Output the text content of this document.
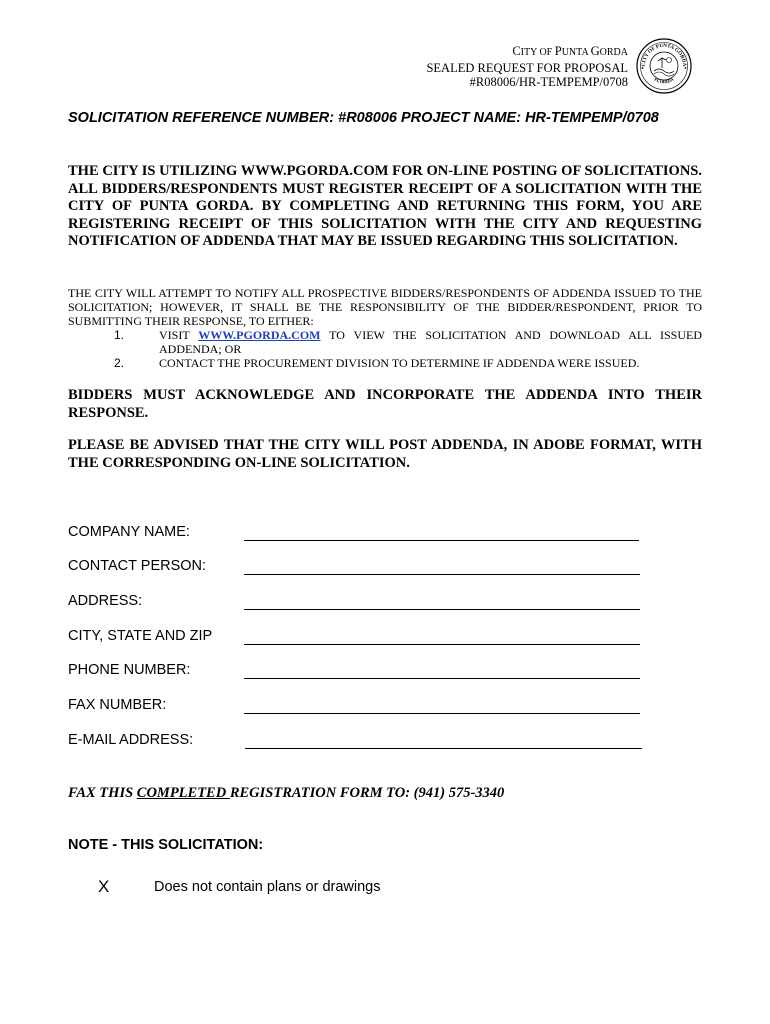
CITY OF PUNTA GORDA
SEALED REQUEST FOR PROPOSAL
#R08006/HR-TEMPEMP/0708
CITY OF PUNTA GORDA
FLORIDA
SOLICITATION REFERENCE NUMBER: #R08006 PROJECT NAME: HR-TEMPEMP/0708
THE CITY IS UTILIZING WWW.PGORDA.COM FOR ON-LINE POSTING OF SOLICITATIONS. ALL BIDDERS/RESPONDENTS MUST REGISTER RECEIPT OF A SOLICITATION WITH THE CITY OF PUNTA GORDA. BY COMPLETING AND RETURNING THIS FORM, YOU ARE REGISTERING RECEIPT OF THIS SOLICITATION WITH THE CITY AND REQUESTING NOTIFICATION OF ADDENDA THAT MAY BE ISSUED REGARDING THIS SOLICITATION.
THE CITY WILL ATTEMPT TO NOTIFY ALL PROSPECTIVE BIDDERS/RESPONDENTS OF ADDENDA ISSUED TO THE SOLICITATION; HOWEVER, IT SHALL BE THE RESPONSIBILITY OF THE BIDDER/RESPONDENT, PRIOR TO SUBMITTING THEIR RESPONSE, TO EITHER:
1.	VISIT WWW.PGORDA.COM TO VIEW THE SOLICITATION AND DOWNLOAD ALL ISSUED ADDENDA; OR
2.	CONTACT THE PROCUREMENT DIVISION TO DETERMINE IF ADDENDA WERE ISSUED.
BIDDERS MUST ACKNOWLEDGE AND INCORPORATE THE ADDENDA INTO THEIR RESPONSE.
PLEASE BE ADVISED THAT THE CITY WILL POST ADDENDA, IN ADOBE FORMAT, WITH THE CORRESPONDING ON-LINE SOLICITATION.
COMPANY NAME:
CONTACT PERSON:
ADDRESS:
CITY, STATE AND ZIP
PHONE NUMBER:
FAX NUMBER:
E-MAIL ADDRESS:
FAX THIS COMPLETED REGISTRATION FORM TO: (941) 575-3340
NOTE - THIS SOLICITATION:
X	Does not contain plans or drawings
